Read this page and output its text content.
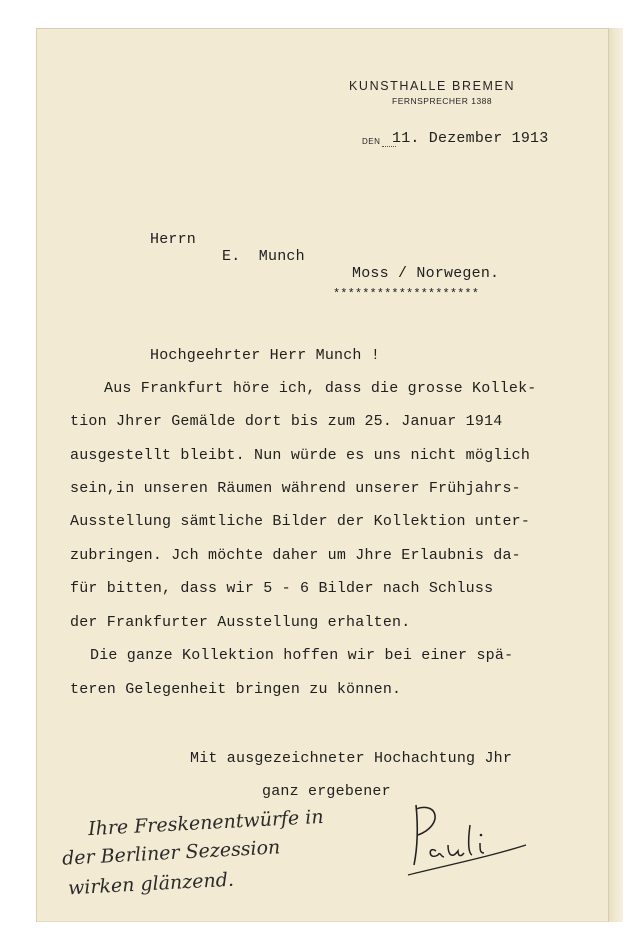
KUNSTHALLE BREMEN
FERNSPRECHER 1388
DEN 11. Dezember 1913
Herrn
E.  Munch
Moss / Norwegen.
********************
Hochgeehrter Herr Munch !
Aus Frankfurt höre ich, dass die grosse Kollek-
tion Jhrer Gemälde dort bis zum 25. Januar 1914
ausgestellt bleibt. Nun würde es uns nicht möglich
sein,in unseren Räumen während unserer Frühjahrs-
Ausstellung sämtliche Bilder der Kollektion unter-
zubringen. Jch möchte daher um Jhre Erlaubnis da-
für bitten, dass wir 5 - 6 Bilder nach Schluss
der Frankfurter Ausstellung erhalten.
Die ganze Kollektion hoffen wir bei einer spä-
teren Gelegenheit bringen zu können.
Mit ausgezeichneter Hochachtung Jhr
ganz ergebener
Ihre Freskenentwürfe in
der Berliner Sezession
wirken glänzend.
